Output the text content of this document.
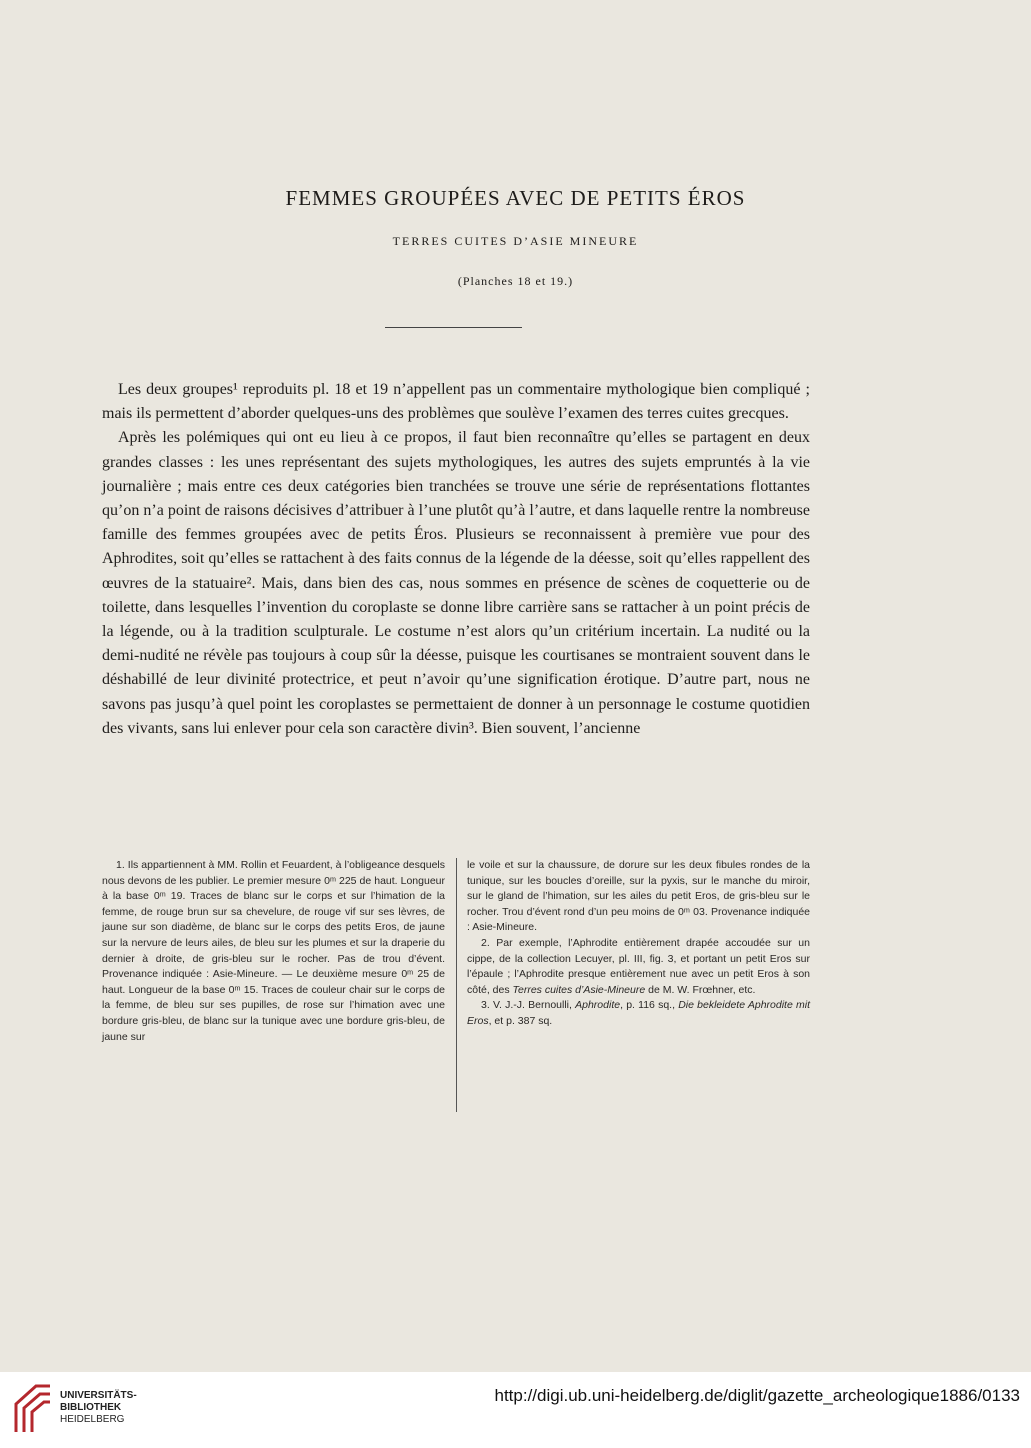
FEMMES GROUPÉES AVEC DE PETITS ÉROS
TERRES CUITES D’ASIE MINEURE
(Planches 18 et 19.)

Les deux groupes¹ reproduits pl. 18 et 19 n’appellent pas un commentaire mythologique bien compliqué ; mais ils permettent d’aborder quelques-uns des problèmes que soulève l’examen des terres cuites grecques.

Après les polémiques qui ont eu lieu à ce propos, il faut bien reconnaître qu’elles se partagent en deux grandes classes : les unes représentant des sujets mythologiques, les autres des sujets empruntés à la vie journalière ; mais entre ces deux catégories bien tranchées se trouve une série de représentations flottantes qu’on n’a point de raisons décisives d’attribuer à l’une plutôt qu’à l’autre, et dans laquelle rentre la nombreuse famille des femmes groupées avec de petits Éros. Plusieurs se reconnaissent à première vue pour des Aphrodites, soit qu’elles se rattachent à des faits connus de la légende de la déesse, soit qu’elles rappellent des œuvres de la statuaire². Mais, dans bien des cas, nous sommes en présence de scènes de coquetterie ou de toilette, dans lesquelles l’invention du coroplaste se donne libre carrière sans se rattacher à un point précis de la légende, ou à la tradition sculpturale. Le costume n’est alors qu’un critérium incertain. La nudité ou la demi-nudité ne révèle pas toujours à coup sûr la déesse, puisque les courtisanes se montraient souvent dans le déshabillé de leur divinité protectrice, et peut n’avoir qu’une signification érotique. D’autre part, nous ne savons pas jusqu’à quel point les coroplastes se permettaient de donner à un personnage le costume quotidien des vivants, sans lui enlever pour cela son caractère divin³. Bien souvent, l’ancienne

1. Ils appartiennent à MM. Rollin et Feuardent, à l’obligeance desquels nous devons de les publier. Le premier mesure 0ᵐ 225 de haut. Longueur à la base 0ᵐ 19. Traces de blanc sur le corps et sur l’himation de la femme, de rouge brun sur sa chevelure, de rouge vif sur ses lèvres, de jaune sur son diadème, de blanc sur le corps des petits Eros, de jaune sur la nervure de leurs ailes, de bleu sur les plumes et sur la draperie du dernier à droite, de gris-bleu sur le rocher. Pas de trou d’évent. Provenance indiquée : Asie-Mineure. — Le deuxième mesure 0ᵐ 25 de haut. Longueur de la base 0ᵐ 15. Traces de couleur chair sur le corps de la femme, de bleu sur ses pupilles, de rose sur l’himation avec une bordure gris-bleu, de blanc sur la tunique avec une bordure gris-bleu, de jaune sur

le voile et sur la chaussure, de dorure sur les deux fibules rondes de la tunique, sur les boucles d’oreille, sur la pyxis, sur le manche du miroir, sur le gland de l’himation, sur les ailes du petit Eros, de gris-bleu sur le rocher. Trou d’évent rond d’un peu moins de 0ᵐ 03. Provenance indiquée : Asie-Mineure.

2. Par exemple, l’Aphrodite entièrement drapée accoudée sur un cippe, de la collection Lecuyer, pl. III, fig. 3, et portant un petit Eros sur l’épaule ; l’Aphrodite presque entièrement nue avec un petit Eros à son côté, des Terres cuites d’Asie-Mineure de M. W. Frœhner, etc.

3. V. J.-J. Bernoulli, Aphrodite, p. 116 sq., Die bekleidete Aphrodite mit Eros, et p. 387 sq.

UNIVERSITÄTS-
BIBLIOTHEK
HEIDELBERG
http://digi.ub.uni-heidelberg.de/diglit/gazette_archeologique1886/0133
